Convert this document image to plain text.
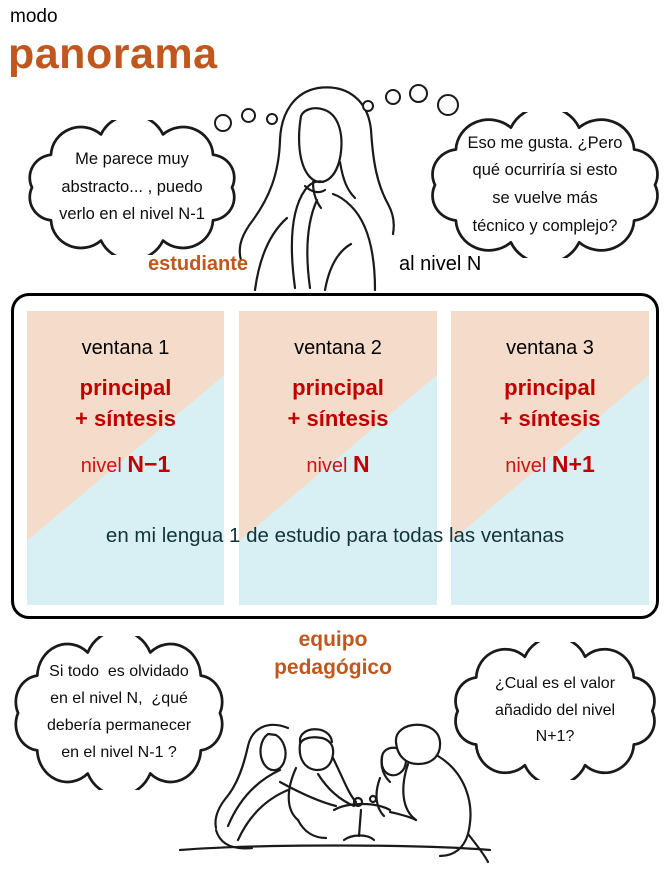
modo
panorama
Me parece muy
abstracto... , puedo
verlo en el nivel N-1
Eso me gusta. ¿Pero
qué ocurriría si esto
se vuelve más
técnico y complejo?
estudiante	al nivel N
ventana 1
principal
+ síntesis
nivel N−1
ventana 2
principal
+ síntesis
nivel N
ventana 3
principal
+ síntesis
nivel N+1
en mi lengua 1 de estudio para todas las ventanas
equipo
pedagógico
Si todo  es olvidado
en el nivel N,  ¿qué
debería permanecer
en el nivel N-1 ?
¿Cual es el valor
añadido del nivel
N+1?
